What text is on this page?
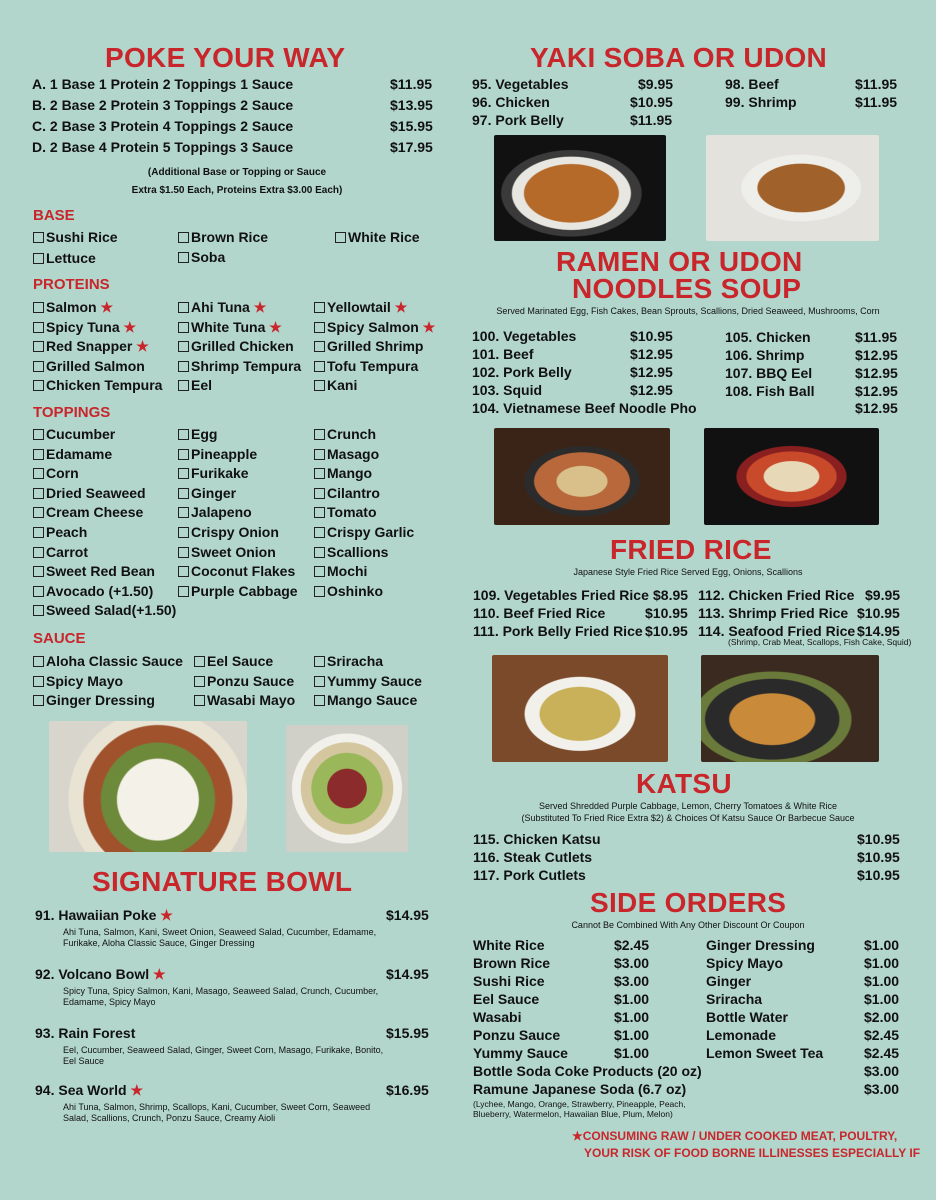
POKE YOUR WAY
A. 1 Base 1 Protein 2 Toppings 1 Sauce	$11.95
B. 2 Base 2 Protein 3 Toppings 2 Sauce	$13.95
C. 2 Base 3 Protein 4 Toppings 2 Sauce	$15.95
D. 2 Base 4 Protein 5 Toppings 3 Sauce	$17.95
(Additional Base or Topping or Sauce
Extra $1.50 Each, Proteins Extra $3.00 Each)
BASE
Sushi Rice	Brown Rice	White Rice
Lettuce	Soba
PROTEINS
Salmon ★	Ahi Tuna ★	Yellowtail ★
Spicy Tuna ★	White Tuna ★	Spicy Salmon ★
Red Snapper ★	Grilled Chicken	Grilled Shrimp
Grilled Salmon	Shrimp Tempura	Tofu Tempura
Chicken Tempura	Eel	Kani
TOPPINGS
Cucumber	Egg	Crunch
Edamame	Pineapple	Masago
Corn	Furikake	Mango
Dried Seaweed	Ginger	Cilantro
Cream Cheese	Jalapeno	Tomato
Peach	Crispy Onion	Crispy Garlic
Carrot	Sweet Onion	Scallions
Sweet Red Bean	Coconut Flakes	Mochi
Avocado (+1.50)	Purple Cabbage	Oshinko
Sweed Salad(+1.50)
SAUCE
Aloha Classic Sauce	Eel Sauce	Sriracha
Spicy Mayo	Ponzu Sauce	Yummy Sauce
Ginger Dressing	Wasabi Mayo	Mango Sauce
SIGNATURE BOWL
91. Hawaiian Poke ★	$14.95
Ahi Tuna, Salmon, Kani, Sweet Onion, Seaweed Salad, Cucumber, Edamame, Furikake, Aloha Classic Sauce, Ginger Dressing
92. Volcano Bowl ★	$14.95
Spicy Tuna, Spicy Salmon, Kani, Masago, Seaweed Salad, Crunch, Cucumber, Edamame, Spicy Mayo
93. Rain Forest	$15.95
Eel, Cucumber, Seaweed Salad, Ginger, Sweet Corn, Masago, Furikake, Bonito, Eel Sauce
94. Sea World ★	$16.95
Ahi Tuna, Salmon, Shrimp, Scallops, Kani, Cucumber, Sweet Corn, Seaweed Salad, Scallions, Crunch, Ponzu Sauce, Creamy Aioli
YAKI SOBA OR UDON
95. Vegetables	$9.95
96. Chicken	$10.95
97. Pork Belly	$11.95
98. Beef	$11.95
99. Shrimp	$11.95
RAMEN OR UDON
NOODLES SOUP
Served Marinated Egg, Fish Cakes, Bean Sprouts, Scallions, Dried Seaweed, Mushrooms, Corn
100. Vegetables	$10.95
101. Beef	$12.95
102. Pork Belly	$12.95
103. Squid	$12.95
104. Vietnamese Beef Noodle Pho	$12.95
105. Chicken	$11.95
106. Shrimp	$12.95
107. BBQ Eel	$12.95
108. Fish Ball	$12.95
FRIED RICE
Japanese Style Fried Rice Served Egg, Onions, Scallions
109. Vegetables Fried Rice $8.95
110. Beef Fried Rice	$10.95
111. Pork Belly Fried Rice $10.95
112. Chicken Fried Rice $9.95
113. Shrimp Fried Rice $10.95
114. Seafood Fried Rice $14.95
(Shrimp, Crab Meat, Scallops, Fish Cake, Squid)
KATSU
Served Shredded Purple Cabbage, Lemon, Cherry Tomatoes & White Rice
(Substituted To Fried Rice Extra $2) & Choices Of Katsu Sauce Or Barbecue Sauce
115. Chicken Katsu	$10.95
116. Steak Cutlets	$10.95
117. Pork Cutlets	$10.95
SIDE ORDERS
Cannot Be Combined With Any Other Discount Or Coupon
White Rice	$2.45
Brown Rice	$3.00
Sushi Rice	$3.00
Eel Sauce	$1.00
Wasabi	$1.00
Ponzu Sauce	$1.00
Yummy Sauce	$1.00
Ginger Dressing	$1.00
Spicy Mayo	$1.00
Ginger	$1.00
Sriracha	$1.00
Bottle Water	$2.00
Lemonade	$2.45
Lemon Sweet Tea	$2.45
Bottle Soda Coke Products (20 oz)	$3.00
Ramune Japanese Soda (6.7 oz)	$3.00
(Lychee, Mango, Orange, Strawberry, Pineapple, Peach,
Blueberry, Watermelon, Hawaiian Blue, Plum, Melon)
★CONSUMING RAW / UNDER COOKED MEAT, POULTRY,
YOUR RISK OF FOOD BORNE ILLINESSES ESPECIALLY IF
